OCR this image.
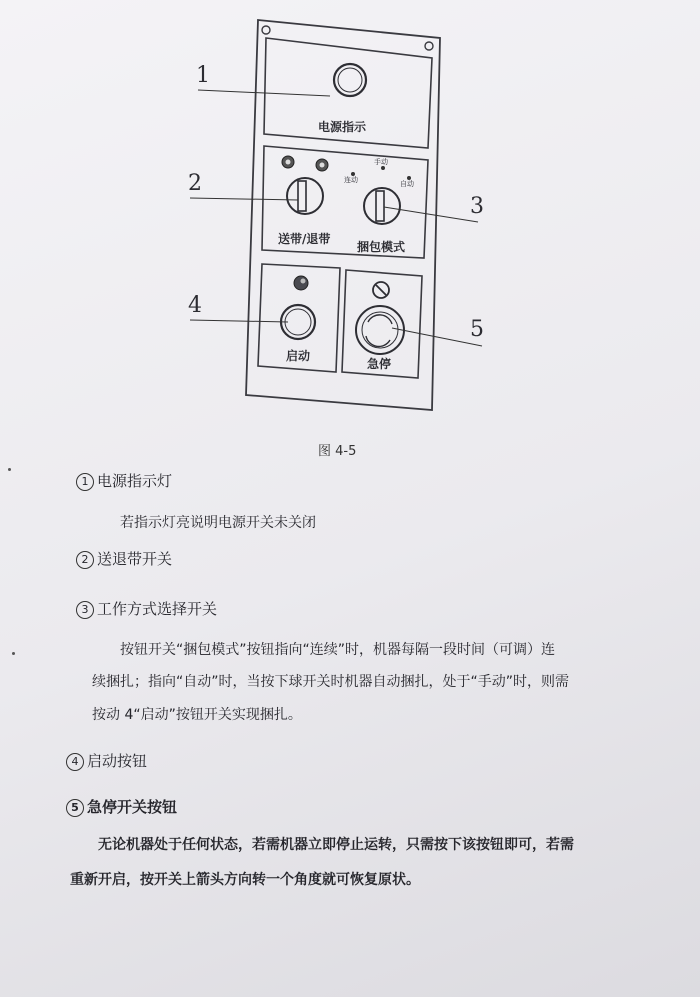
电源指示
送带/退带
连动
手动
自动
捆包模式
启动
急停
1
2
3
4
5
图 4-5
1 电源指示灯
若指示灯亮说明电源开关未关闭
2 送退带开关
3 工作方式选择开关
按钮开关“捆包模式”按钮指向“连续”时，机器每隔一段时间（可调）连
续捆扎；指向“自动”时，当按下球开关时机器自动捆扎，处于“手动”时，则需
按动 4“启动”按钮开关实现捆扎。
4 启动按钮
5 急停开关按钮
无论机器处于任何状态，若需机器立即停止运转，只需按下该按钮即可，若需
重新开启，按开关上箭头方向转一个角度就可恢复原状。
